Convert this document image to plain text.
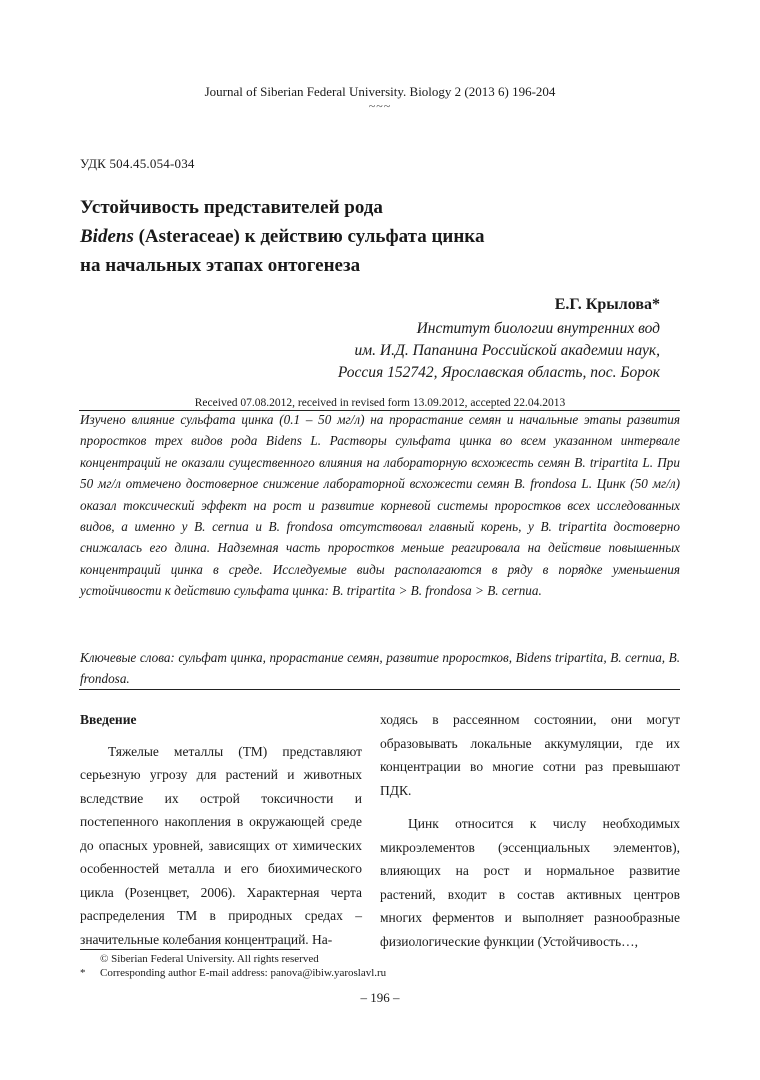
Journal of Siberian Federal University. Biology 2 (2013 6) 196-204
~~~
УДК 504.45.054-034
Устойчивость представителей рода
Bidens (Asteraceae) к действию сульфата цинка
на начальных этапах онтогенеза
Е.Г. Крылова*
Институт биологии внутренних вод
им. И.Д. Папанина Российской академии наук,
Россия 152742, Ярославская область, пос. Борок
Received 07.08.2012, received in revised form 13.09.2012, accepted 22.04.2013
Изучено влияние сульфата цинка (0.1 – 50 мг/л) на прорастание семян и начальные этапы развития проростков трех видов рода Bidens L. Растворы сульфата цинка во всем указанном интервале концентраций не оказали существенного влияния на лабораторную всхожесть семян B. tripartita L. При 50 мг/л отмечено достоверное снижение лабораторной всхожести семян B. frondosa L. Цинк (50 мг/л) оказал токсический эффект на рост и развитие корневой системы проростков всех исследованных видов, а именно у B. cernua и B. frondosa отсутствовал главный корень, у B. tripartita достоверно снижалась его длина. Надземная часть проростков меньше реагировала на действие повышенных концентраций цинка в среде. Исследуемые виды располагаются в ряду в порядке уменьшения устойчивости к действию сульфата цинка: B. tripartita > B. frondosa > B. cernua.
Ключевые слова: сульфат цинка, прорастание семян, развитие проростков, Bidens tripartita, B. cernua, B. frondosa.
Введение

Тяжелые металлы (ТМ) представляют серьезную угрозу для растений и животных вследствие их острой токсичности и постепенного накопления в окружающей среде до опасных уровней, зависящих от химических особенностей металла и его биохимического цикла (Розенцвет, 2006). Характерная черта распределения ТМ в природных средах – значительные колебания концентраций. На-

ходясь в рассеянном состоянии, они могут образовывать локальные аккумуляции, где их концентрации во многие сотни раз превышают ПДК.

Цинк относится к числу необходимых микроэлементов (эссенциальных элементов), влияющих на рост и нормальное развитие растений, входит в состав активных центров многих ферментов и выполняет разнообразные физиологические функции (Устойчивость…,

© Siberian Federal University. All rights reserved
* Corresponding author E-mail address: panova@ibiw.yaroslavl.ru
– 196 –
